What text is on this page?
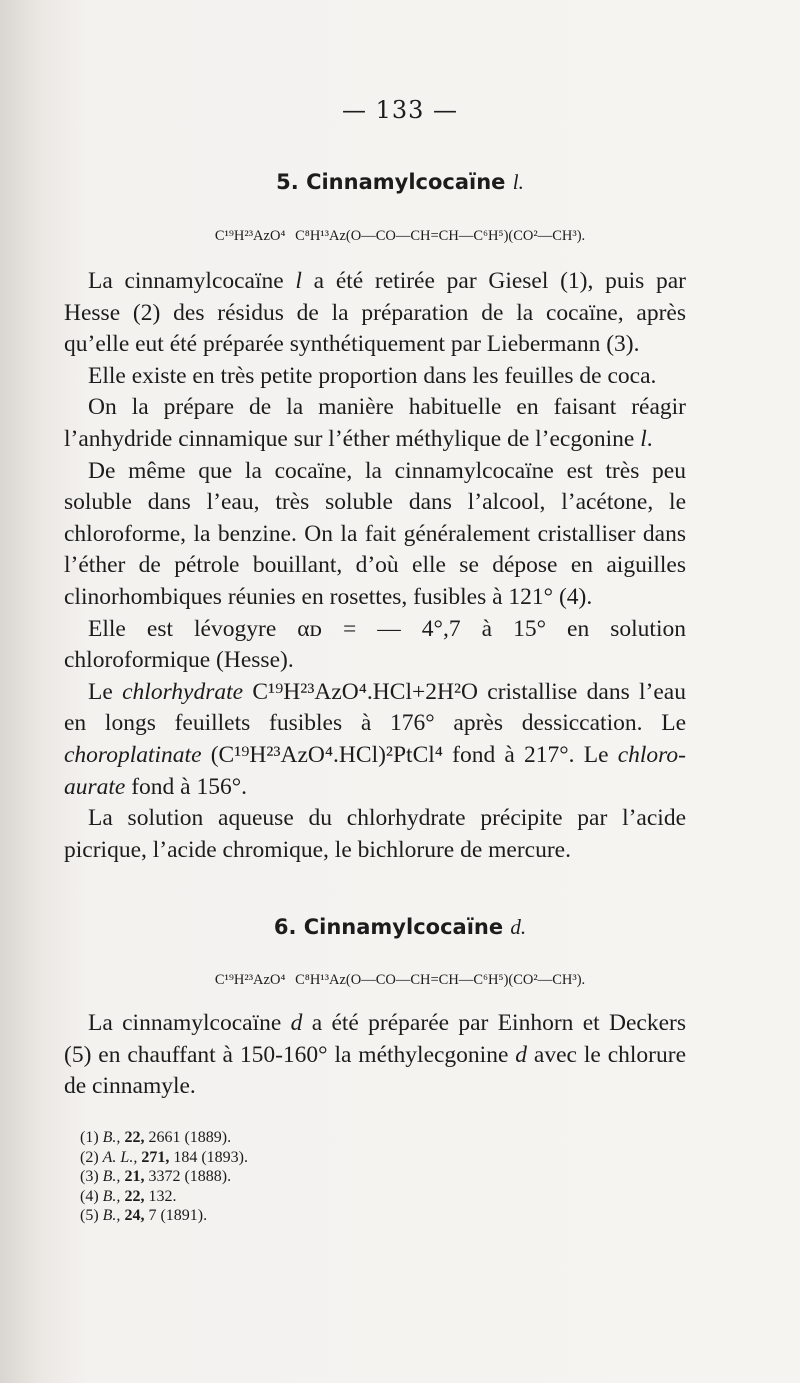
— 133 —
5. Cinnamylcocaïne l.
C¹⁹H²³AzO⁴ C⁸H¹³Az(O—CO—CH=CH—C⁶H⁵)(CO²—CH³).

La cinnamylcocaïne l a été retirée par Giesel (1), puis par Hesse (2) des résidus de la préparation de la cocaïne, après qu’elle eut été préparée synthétiquement par Liebermann (3).

Elle existe en très petite proportion dans les feuilles de coca.

On la prépare de la manière habituelle en faisant réagir l’anhydride cinnamique sur l’éther méthylique de l’ecgonine l.

De même que la cocaïne, la cinnamylcocaïne est très peu soluble dans l’eau, très soluble dans l’alcool, l’acétone, le chloroforme, la benzine. On la fait généralement cristalliser dans l’éther de pétrole bouillant, d’où elle se dépose en aiguilles clinorhombiques réunies en rosettes, fusibles à 121° (4).

Elle est lévogyre αᴅ = — 4°,7 à 15° en solution chloroformique (Hesse).

Le chlorhydrate C¹⁹H²³AzO⁴.HCl+2H²O cristallise dans l’eau en longs feuillets fusibles à 176° après dessiccation. Le choroplatinate (C¹⁹H²³AzO⁴.HCl)²PtCl⁴ fond à 217°. Le chloro-aurate fond à 156°.

La solution aqueuse du chlorhydrate précipite par l’acide picrique, l’acide chromique, le bichlorure de mercure.

6. Cinnamylcocaïne d.
C¹⁹H²³AzO⁴ C⁸H¹³Az(O—CO—CH=CH—C⁶H⁵)(CO²—CH³).

La cinnamylcocaïne d a été préparée par Einhorn et Deckers (5) en chauffant à 150-160° la méthylecgonine d avec le chlorure de cinnamyle.

(1) B., 22, 2661 (1889).
(2) A. L., 271, 184 (1893).
(3) B., 21, 3372 (1888).
(4) B., 22, 132.
(5) B., 24, 7 (1891).
